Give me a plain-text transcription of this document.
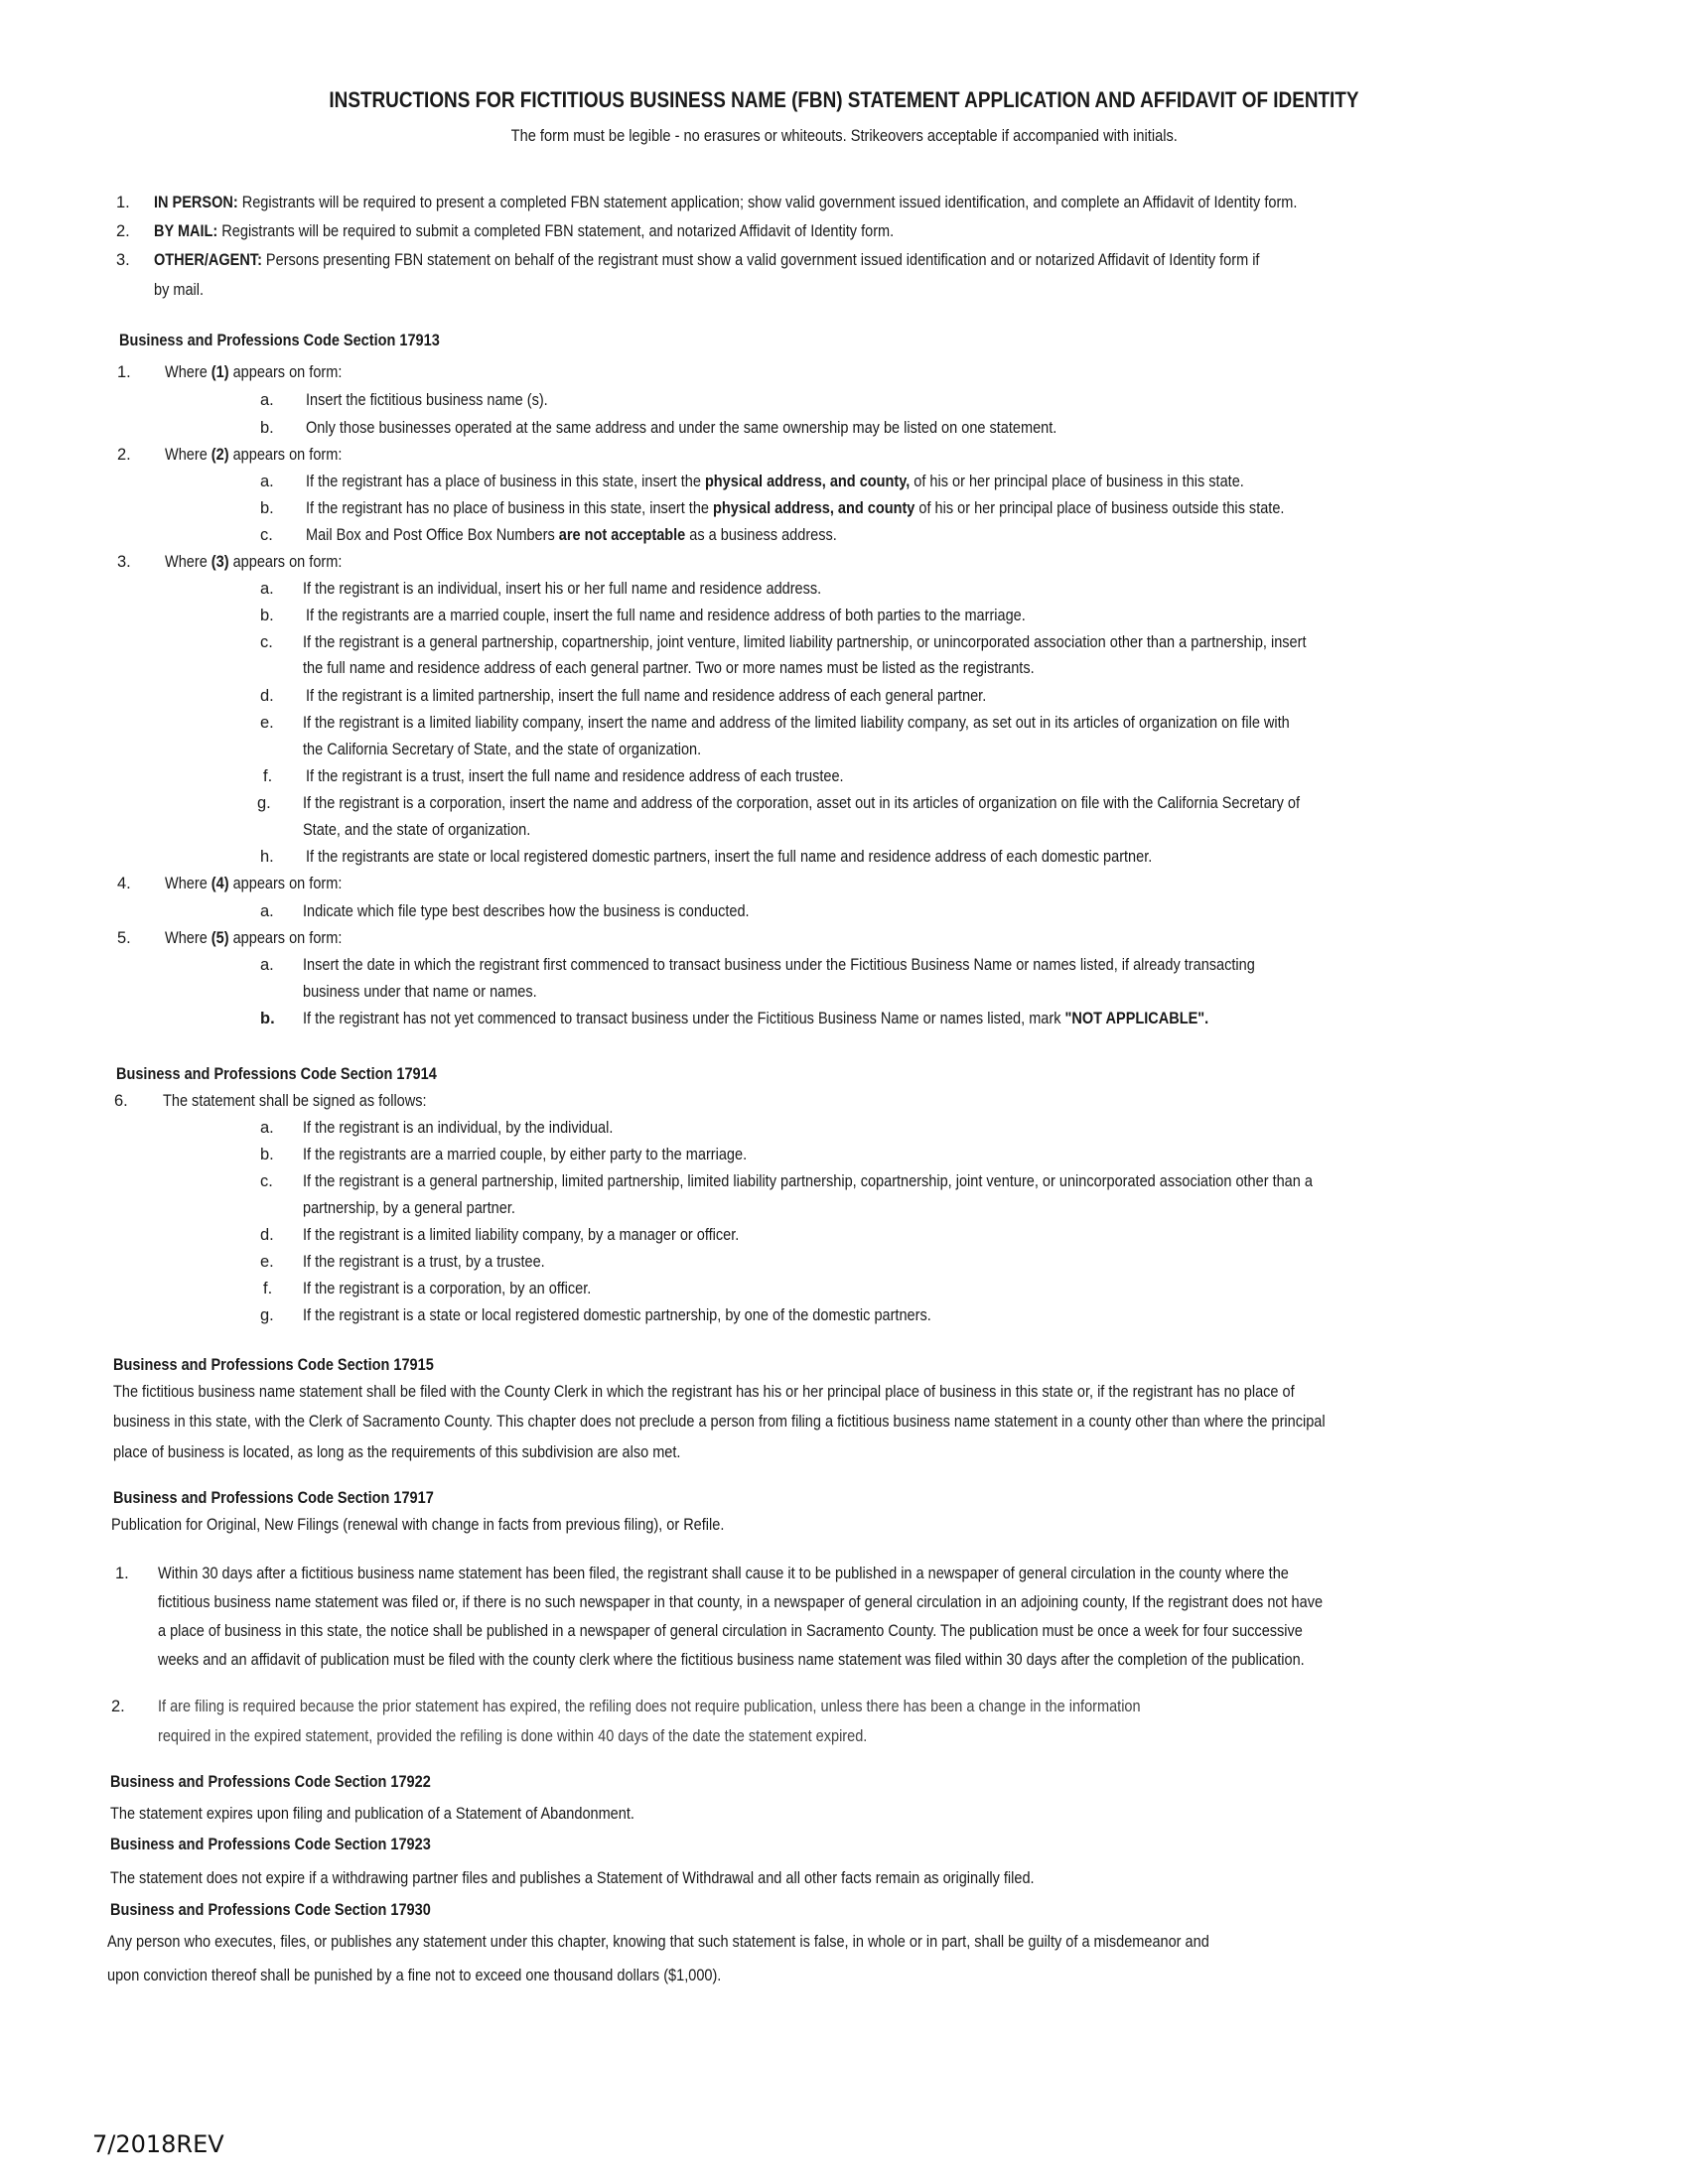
INSTRUCTIONS FOR FICTITIOUS BUSINESS NAME (FBN) STATEMENT APPLICATION AND AFFIDAVIT OF IDENTITY
The form must be legible - no erasures or whiteouts. Strikeovers acceptable if accompanied with initials.
1. IN PERSON: Registrants will be required to present a completed FBN statement application; show valid government issued identification, and complete an Affidavit of Identity form.
2. BY MAIL: Registrants will be required to submit a completed FBN statement, and notarized Affidavit of Identity form.
3. OTHER/AGENT: Persons presenting FBN statement on behalf of the registrant must show a valid government issued identification and or notarized Affidavit of Identity form if
by mail.
Business and Professions Code Section 17913
1. Where (1) appears on form:
a. Insert the fictitious business name (s).
b. Only those businesses operated at the same address and under the same ownership may be listed on one statement.
2. Where (2) appears on form:
a. If the registrant has a place of business in this state, insert the physical address, and county, of his or her principal place of business in this state.
b. If the registrant has no place of business in this state, insert the physical address, and county of his or her principal place of business outside this state.
c. Mail Box and Post Office Box Numbers are not acceptable as a business address.
3. Where (3) appears on form:
a. If the registrant is an individual, insert his or her full name and residence address.
b. If the registrants are a married couple, insert the full name and residence address of both parties to the marriage.
c. If the registrant is a general partnership, copartnership, joint venture, limited liability partnership, or unincorporated association other than a partnership, insert
the full name and residence address of each general partner. Two or more names must be listed as the registrants.
d. If the registrant is a limited partnership, insert the full name and residence address of each general partner.
e. If the registrant is a limited liability company, insert the name and address of the limited liability company, as set out in its articles of organization on file with
the California Secretary of State, and the state of organization.
f. If the registrant is a trust, insert the full name and residence address of each trustee.
g. If the registrant is a corporation, insert the name and address of the corporation, asset out in its articles of organization on file with the California Secretary of
State, and the state of organization.
h. If the registrants are state or local registered domestic partners, insert the full name and residence address of each domestic partner.
4. Where (4) appears on form:
a. Indicate which file type best describes how the business is conducted.
5. Where (5) appears on form:
a. Insert the date in which the registrant first commenced to transact business under the Fictitious Business Name or names listed, if already transacting
business under that name or names.
b. If the registrant has not yet commenced to transact business under the Fictitious Business Name or names listed, mark "NOT APPLICABLE".
Business and Professions Code Section 17914
6. The statement shall be signed as follows:
a. If the registrant is an individual, by the individual.
b. If the registrants are a married couple, by either party to the marriage.
c. If the registrant is a general partnership, limited partnership, limited liability partnership, copartnership, joint venture, or unincorporated association other than a
partnership, by a general partner.
d. If the registrant is a limited liability company, by a manager or officer.
e. If the registrant is a trust, by a trustee.
f. If the registrant is a corporation, by an officer.
g. If the registrant is a state or local registered domestic partnership, by one of the domestic partners.
Business and Professions Code Section 17915
The fictitious business name statement shall be filed with the County Clerk in which the registrant has his or her principal place of business in this state or, if the registrant has no place of
business in this state, with the Clerk of Sacramento County. This chapter does not preclude a person from filing a fictitious business name statement in a county other than where the principal
place of business is located, as long as the requirements of this subdivision are also met.
Business and Professions Code Section 17917
Publication for Original, New Filings (renewal with change in facts from previous filing), or Refile.
1. Within 30 days after a fictitious business name statement has been filed, the registrant shall cause it to be published in a newspaper of general circulation in the county where the
fictitious business name statement was filed or, if there is no such newspaper in that county, in a newspaper of general circulation in an adjoining county, If the registrant does not have
a place of business in this state, the notice shall be published in a newspaper of general circulation in Sacramento County. The publication must be once a week for four successive
weeks and an affidavit of publication must be filed with the county clerk where the fictitious business name statement was filed within 30 days after the completion of the publication.
2. If are filing is required because the prior statement has expired, the refiling does not require publication, unless there has been a change in the information
required in the expired statement, provided the refiling is done within 40 days of the date the statement expired.
Business and Professions Code Section 17922
The statement expires upon filing and publication of a Statement of Abandonment.
Business and Professions Code Section 17923
The statement does not expire if a withdrawing partner files and publishes a Statement of Withdrawal and all other facts remain as originally filed.
Business and Professions Code Section 17930
Any person who executes, files, or publishes any statement under this chapter, knowing that such statement is false, in whole or in part, shall be guilty of a misdemeanor and
upon conviction thereof shall be punished by a fine not to exceed one thousand dollars ($1,000).
7/2018REV
